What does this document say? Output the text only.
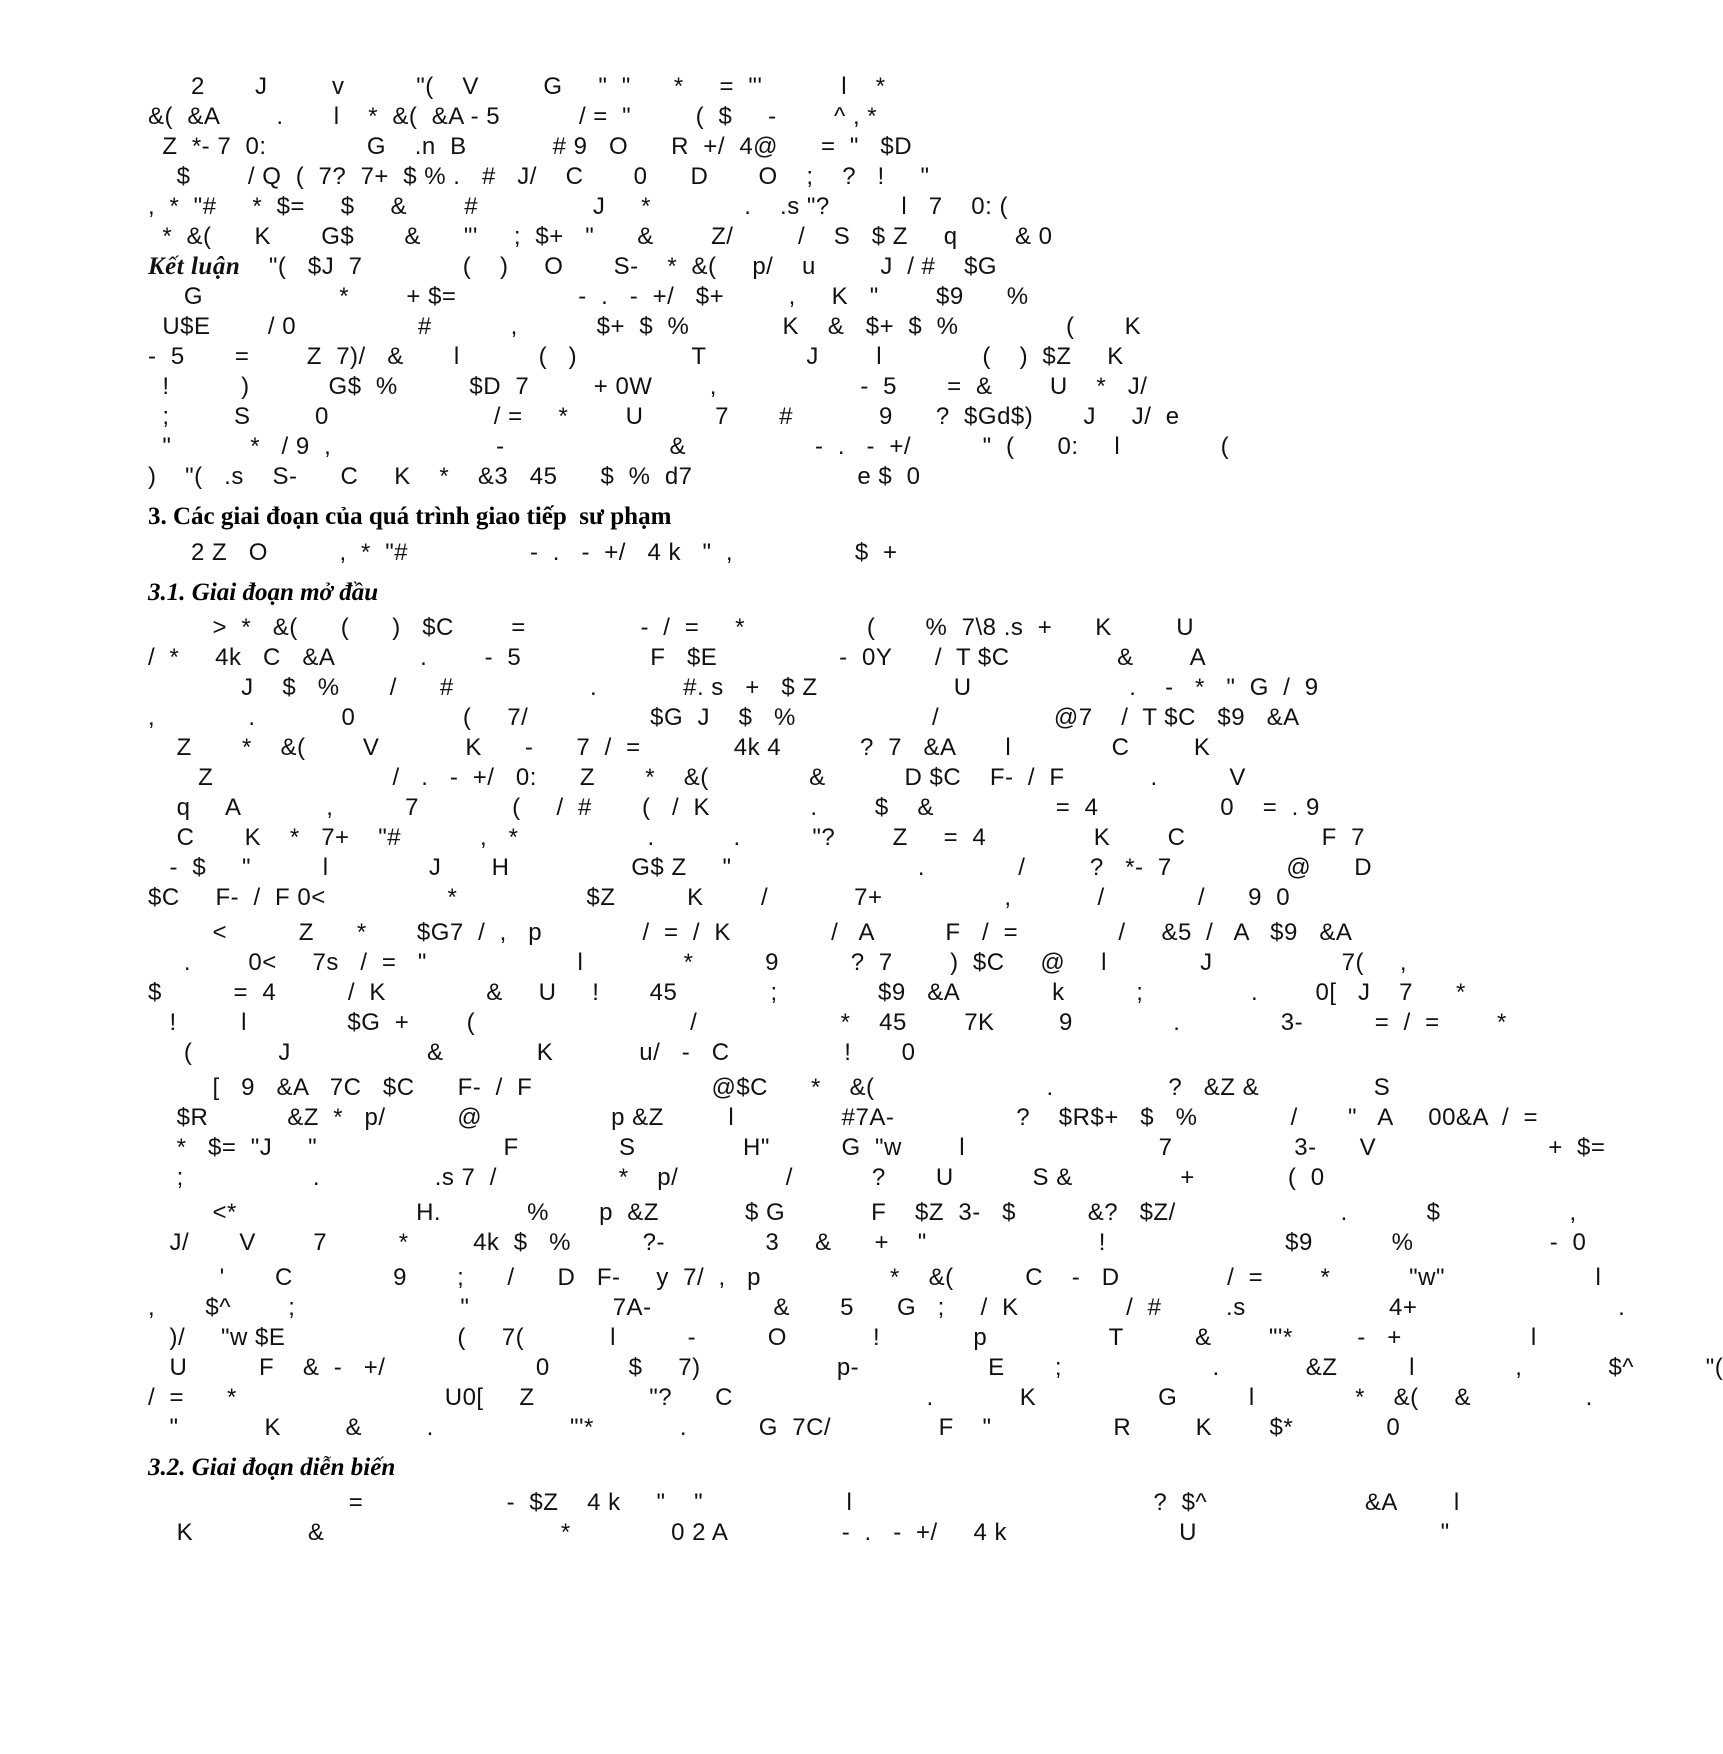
2       J         v          "(    V         G     "  "      *     =  "'           l    *

&(  &A        .       l    *  &(  &A - 5           / =  "         (  $     -        ^ , *

Z  *- 7  0:              G    .n  B            # 9   O      R  +/  4@      =  "   $D

$        / Q  (  7?  7+  $ % .   #   J/    C       0      D       O    ;    ?   !     "

,  *  "#     *  $=     $     &        #                J     *             .    .s "?          l   7    0: (

*  &(      K       G$       &      "'     ;  $+   "      &        Z/         /    S   $ Z     q        & 0

Kết luận    "(   $J  7              (    )     O       S-    *  &(     p/    u         J  / #    $G

G                   *        + $=                 -  .   -  +/   $+         ,     K   "        $9      %

U$E        / 0                 #           ,           $+  $  %             K    &   $+  $  %               (       K

-  5       =        Z  7)/   &       l           (   )                T              J        l              (    )  $Z     K

!          )           G$  %          $D  7         + 0W        ,                    -  5       =  &        U    *   J/

;         S         0                       / =     *        U          7       #            9      ?  $Gd$)       J     J/  e

"           *   / 9  ,                       -                       &                  -  .   -  +/          "  (      0:     l              (

)    "(   .s    S-      C     K    *    &3   45      $  %  d7                       e $  0

3. Các giai đoạn của quá trình giao tiếp  sư phạm

2 Z   O          ,  *  "#                 -  .   -  +/   4 k   "  ,                 $  +

3.1. Giai đoạn mở đầu

>  *   &(      (      )   $C        =                -  /  =     *                 (       %  7\8 .s  +      K         U

/  *     4k   C   &A            .        -  5                  F   $E                 -  0Y      /  T $C               &        A

J    $   %       /      #                   .            #. s   +   $ Z                   U                      .    -   *   "  G  /  9

,             .            0               (     7/                 $G  J    $   %                   /                @7    /  T $C   $9   &A

Z       *    &(        V            K      -      7  /  =             4k 4           ?  7   &A       l              C         K

Z                         /   .   -  +/   0:      Z       *    &(              &           D $C    F-  /  F            .          V

q     A            ,          7             (     /  #       (   /  K              .        $    &                 =  4                 0    =  . 9

C       K    *   7+    "#           ,   *                  .           .          "?        Z     =  4               K        C                   F  7

-  $     "          l              J       H                 G$ Z     "                          .             /         ?   *-  7                @      D

$C     F-  /  F 0<                 *                  $Z          K        /            7+                 ,            /             /      9  0

<          Z      *       $G7  /  ,   p              /  =  /  K              /   A          F   /  =              /     &5  /   A   $9   &A

.        0<     7s   /  =   "                     l              *          9          ?  7        )  $C     @     l             J                  7(     ,

$          =  4          /  K              &     U     !       45             ;              $9   &A             k          ;               .        0[   J    7      *

!         l              $G  +        (                              /                    *    45        7K         9              .              3-          =  /  =        *

(            J                   &             K            u/   -   C                !       0

[   9   &A   7C   $C      F-  /  F                         @$C      *    &(                        .                ?   &Z &                S

$R           &Z  *   p/          @                  p &Z         l               #7A-                 ?    $R$+   $   %             /       "   A     00&A  /  =

*   $=  "J     "                          F              S               H"          G  "w        l                           7                 3-      V                        +  $=

;                  .                .s 7  /                 *    p/               /           ?       U           S &               +             (  0

<*                         H.            %       p  &Z            $ G            F    $Z  3-   $          &?   $Z/                       .           $                  ,

J/       V        7          *         4k  $   %          ?-              3     &      +    "                        !                         $9           %                   -  0

'       C              9       ;      /      D   F-     y  7/  ,   p                  *    &(          C    -   D               /  =        *           "w"                     l

,       $^        ;                       "                    7A-                 &       5      G   ;     /  K               /  #         .s                    4+                            .

)/     "w $E                        (     7(            l          -          O            !             p                 T          &        "'*         -   +                  l

U          F    &  -   +/                     0           $     7)                   p-                  E       ;                     .            &Z          l              ,            $^          "(

/  =      *                             U0[     Z                "?      C                           .            K                 G          l              *    &(     &                .

"            K         &         .                   "'*            .          G  7C/               F    "                 R         K        $*             0

3.2. Giai đoạn diễn biến

=                    -  $Z    4 k     "    "                    l                                          ?  $^                      &A        l

K                &                                 *              0 2 A                -  .   -  +/     4 k                        U                                  "
